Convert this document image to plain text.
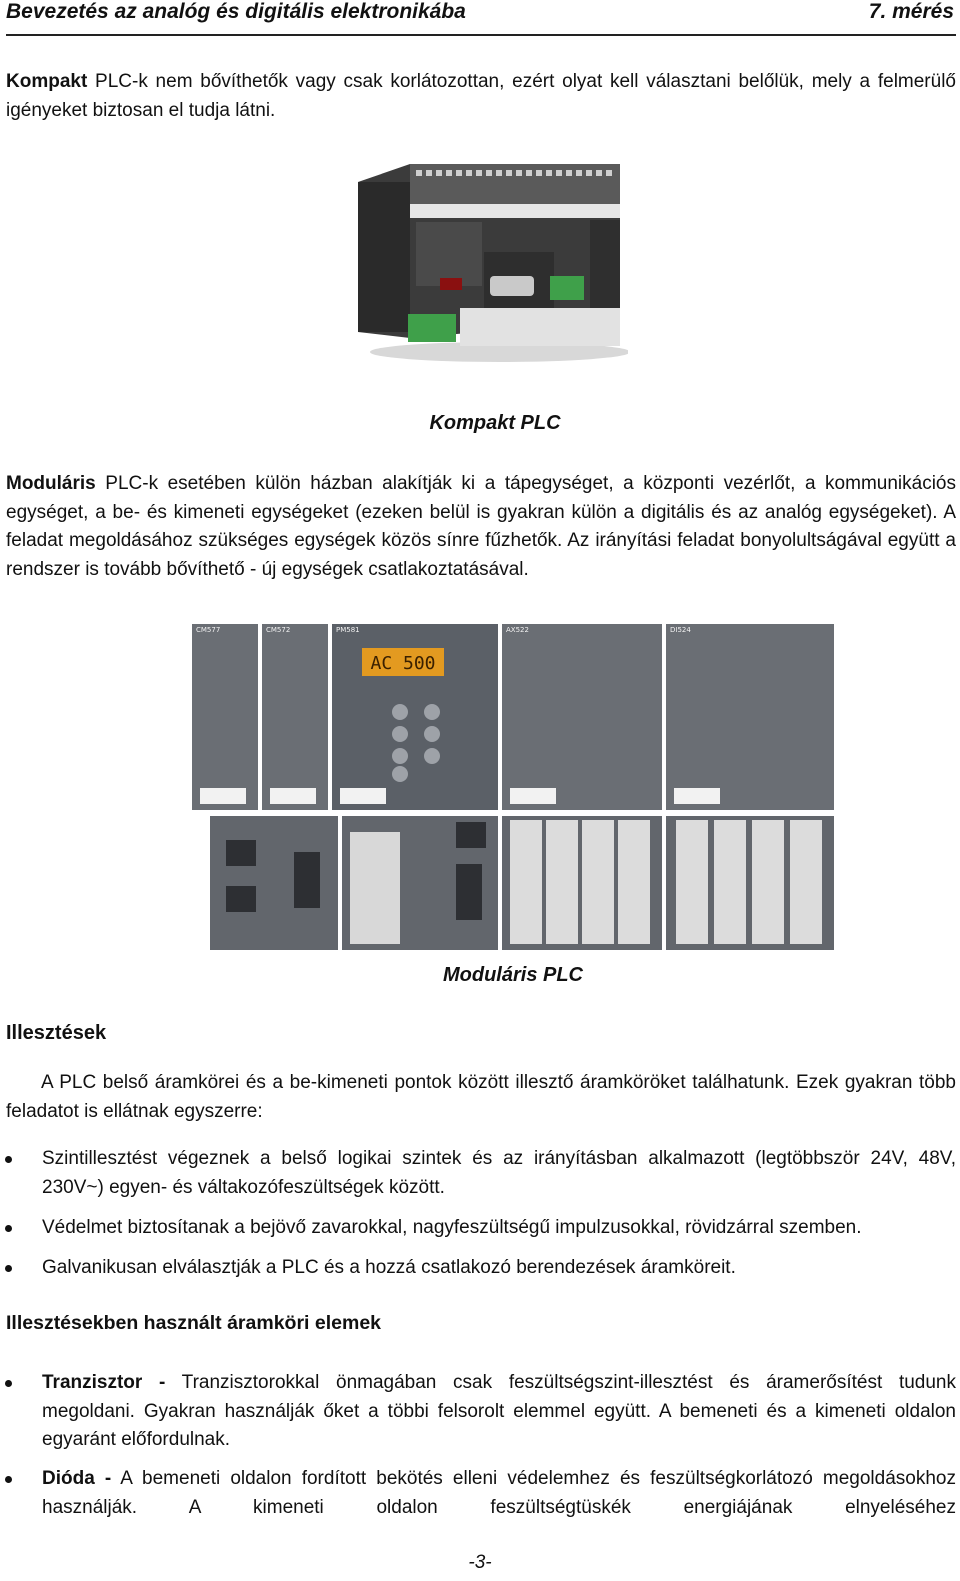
Bevezetés az analóg és digitális elektronikába	7. mérés

Kompakt PLC-k nem bővíthetők vagy csak korlátozottan, ezért olyat kell választani belőlük, mely a felmerülő igényeket biztosan el tudja látni.

Kompakt PLC

Moduláris PLC-k esetében külön házban alakítják ki a tápegységet, a központi vezérlőt, a kommunikációs egységet, a be- és kimeneti egységeket (ezeken belül is gyakran külön a digitális és az analóg egységeket). A feladat megoldásához szükséges egységek közös sínre fűzhetők. Az irányítási feladat bonyolultságával együtt a rendszer is tovább bővíthető - új egységek csatlakoztatásával.

AC 500
CM577	CM572	PM581	AX522	DI524
Moduláris PLC
Illesztések

A PLC belső áramkörei és a be-kimeneti pontok között illesztő áramköröket találhatunk. Ezek gyakran több feladatot is ellátnak egyszerre:

Szintillesztést végeznek a belső logikai szintek és az irányításban alkalmazott (legtöbbször 24V, 48V, 230V~) egyen- és váltakozófeszültségek között.

Védelmet biztosítanak a bejövő zavarokkal, nagyfeszültségű impulzusokkal, rövidzárral szemben.

Galvanikusan elválasztják a PLC és a hozzá csatlakozó berendezések áramköreit.

Illesztésekben használt áramköri elemek

Tranzisztor - Tranzisztorokkal önmagában csak feszültségszint-illesztést és áramerősítést tudunk megoldani. Gyakran használják őket a többi felsorolt elemmel együtt. A bemeneti és a kimeneti oldalon egyaránt előfordulnak.

Dióda - A bemeneti oldalon fordított bekötés elleni védelemhez és feszültségkorlátozó megoldásokhoz használják. A kimeneti oldalon feszültségtüskék energiájának elnyeléséhez

-3-
